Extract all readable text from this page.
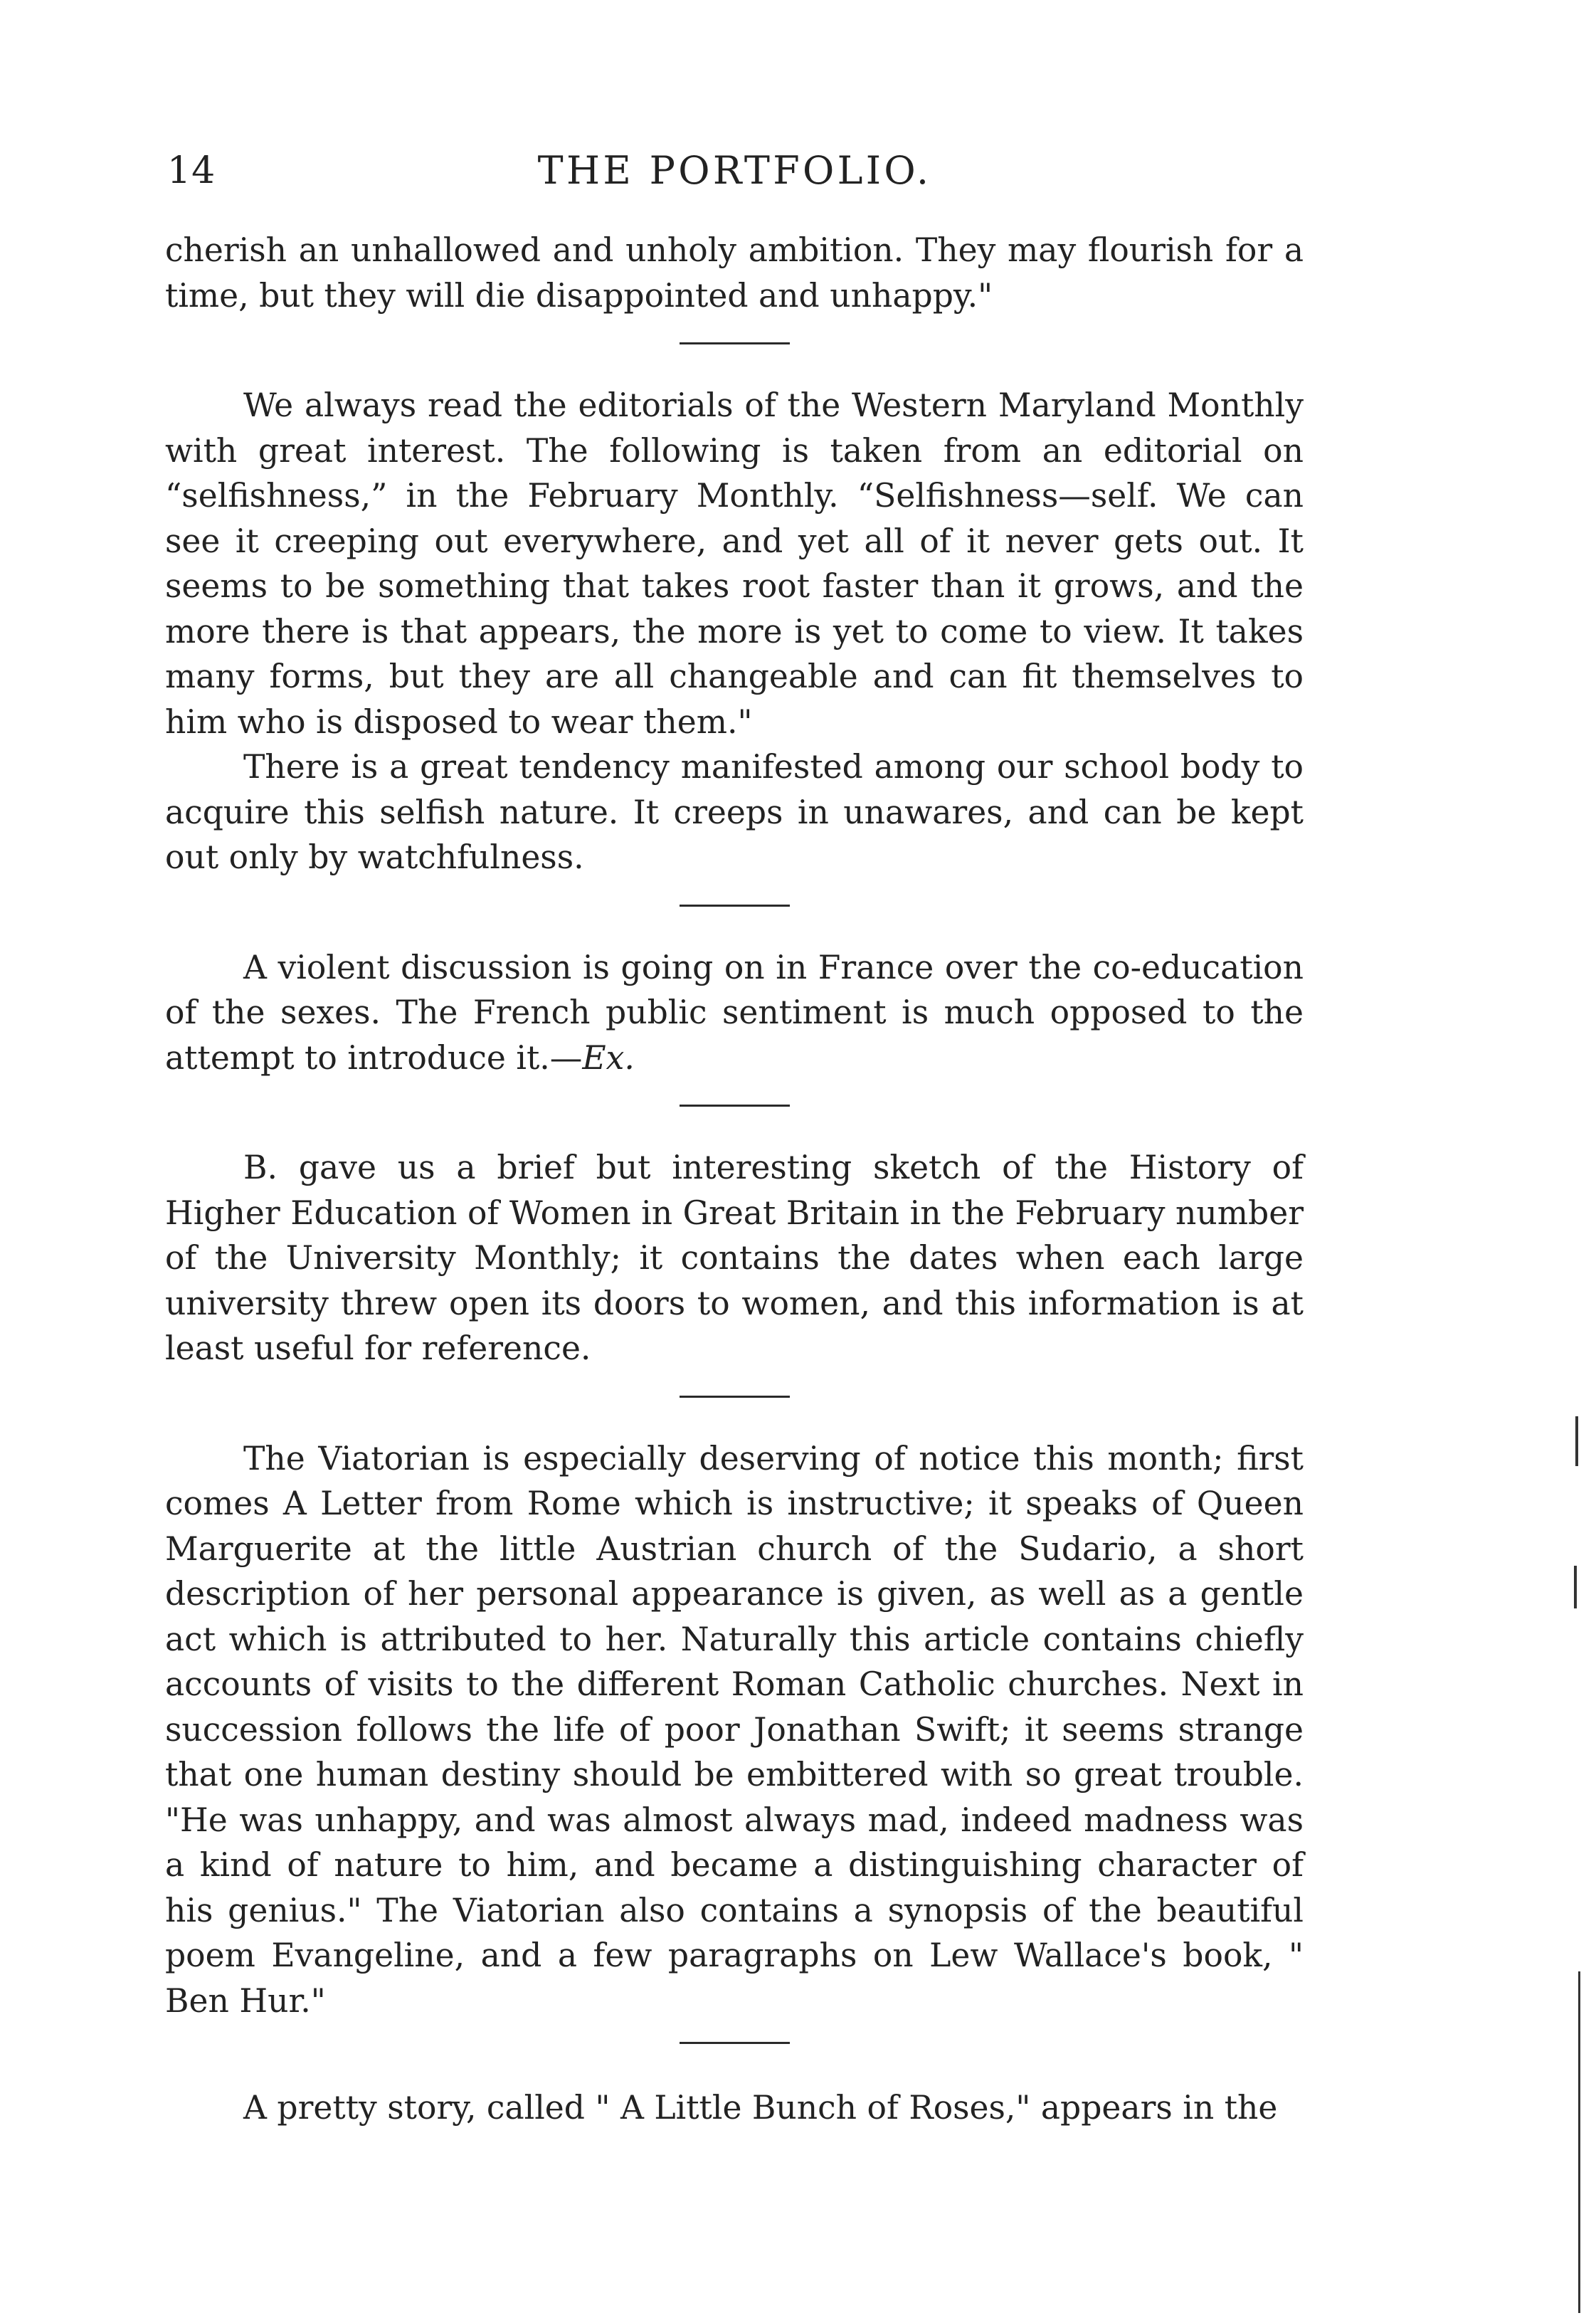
14	THE PORTFOLIO.

cherish an unhallowed and unholy ambition. They may flourish for a time, but they will die disappointed and unhappy."

We always read the editorials of the Western Maryland Monthly with great interest. The following is taken from an editorial on “selfishness,” in the February Monthly. “Selfishness—self. We can see it creeping out everywhere, and yet all of it never gets out. It seems to be something that takes root faster than it grows, and the more there is that appears, the more is yet to come to view. It takes many forms, but they are all changeable and can fit themselves to him who is disposed to wear them."

There is a great tendency manifested among our school body to acquire this selfish nature. It creeps in unawares, and can be kept out only by watchfulness.

A violent discussion is going on in France over the co-education of the sexes. The French public sentiment is much opposed to the attempt to introduce it.—Ex.

B. gave us a brief but interesting sketch of the History of Higher Education of Women in Great Britain in the February number of the University Monthly; it contains the dates when each large university threw open its doors to women, and this information is at least useful for reference.

The Viatorian is especially deserving of notice this month; first comes A Letter from Rome which is instructive; it speaks of Queen Marguerite at the little Austrian church of the Sudario, a short description of her personal appearance is given, as well as a gentle act which is attributed to her. Naturally this article contains chiefly accounts of visits to the different Roman Catholic churches. Next in succession follows the life of poor Jonathan Swift; it seems strange that one human destiny should be embittered with so great trouble. "He was unhappy, and was almost always mad, indeed madness was a kind of nature to him, and became a distinguishing character of his genius." The Viatorian also contains a synopsis of the beautiful poem Evangeline, and a few paragraphs on Lew Wallace's book, " Ben Hur."

A pretty story, called " A Little Bunch of Roses," appears in the
